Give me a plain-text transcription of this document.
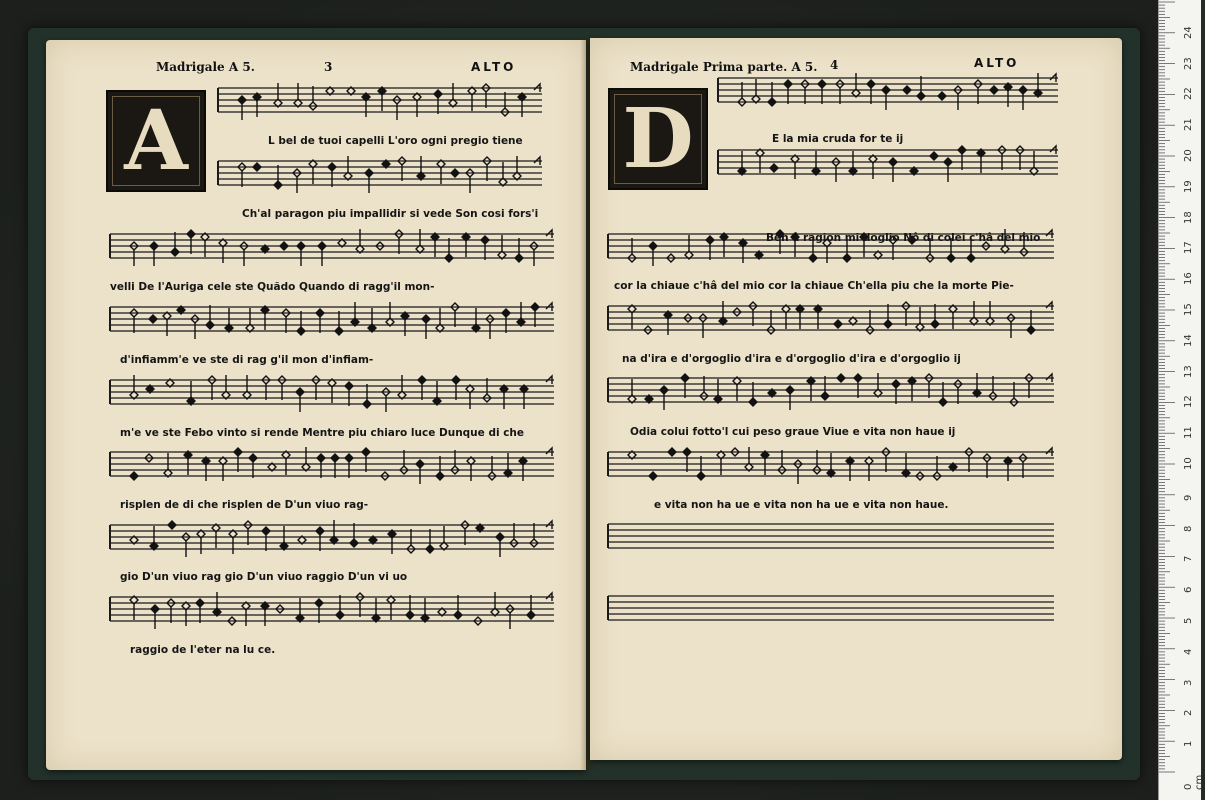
Madrigale A 5.	3	ALTO
A	L bel de tuoi capelli L'oro ogni pregio tiene
Ch'al paragon piu impallidir si vede Son cosi fors'i
velli De l'Auriga cele ste Quãdo Quando di ragg'il mon-
d'infiamm'e ve ste di rag g'il mon d'infiam-
m'e ve ste Febo vinto si rende Mentre piu chiaro luce Dunque di che
risplen de di che risplen de D'un viuo rag-
gio D'un viuo rag gio D'un viuo raggio D'un vi uo
raggio de l'eter na lu ce.
Madrigale Prima parte. A 5. 4	ALTO
D	E la mia cruda for te ij
Ben â ragion mi doglio Nô di colei c'hâ del mio
cor la chiaue c'hâ del mio cor la chiaue Ch'ella piu che la morte Pie-
na d'ira e d'orgoglio d'ira e d'orgoglio d'ira e d'orgoglio ij
Odia colui fotto'l cui peso graue Viue e vita non haue ij
e vita non ha ue e vita non ha ue e vita non haue.
0 cm
1
2
3
4
5
6
7
8
9
10
11
12
13
14
15
16
17
18
19
20
21
22
23
24
